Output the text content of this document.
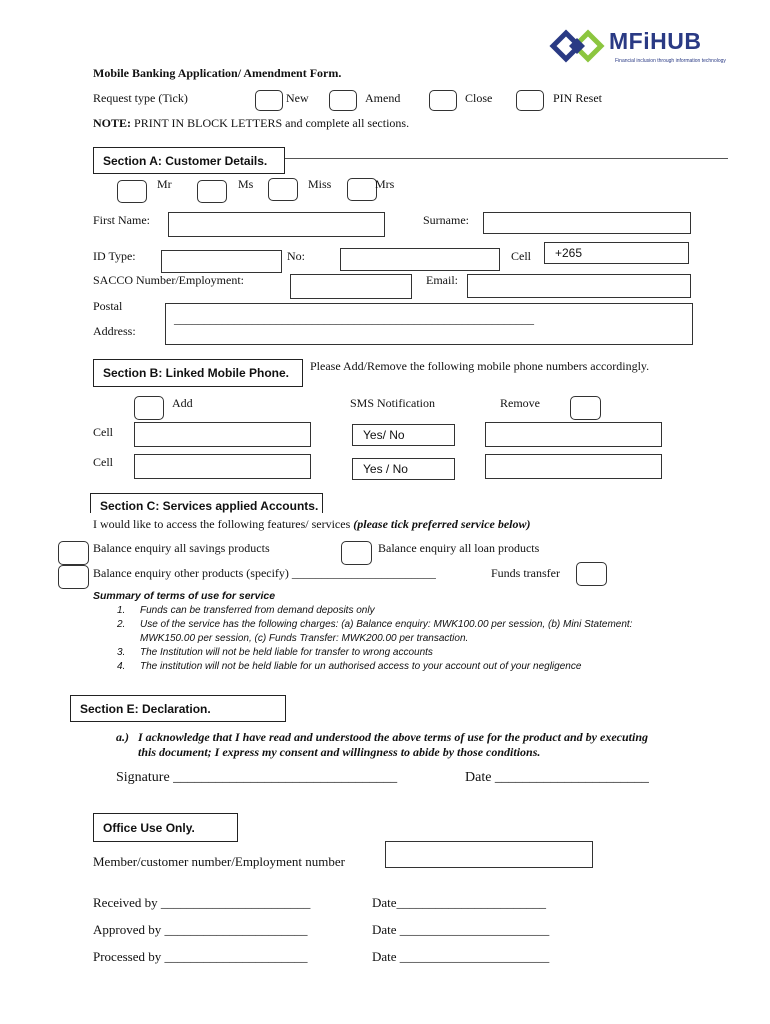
MFiHUB
Financial inclusion through information technology
Mobile Banking Application/ Amendment Form.
Request type (Tick)	New	Amend	Close	PIN Reset
NOTE: PRINT IN BLOCK LETTERS and complete all sections.
Section A: Customer Details.
Mr	Ms	Miss	Mrs
First Name:	Surname:
ID Type:	No:	Cell	+265
SACCO Number/Employment:	Email:
Postal
Address:
____________________________________________________________
Section B: Linked Mobile Phone.	Please Add/Remove the following mobile phone numbers accordingly.
Add	SMS Notification	Remove
Cell	Yes/ No
Cell	Yes / No
Section C: Services applied Accounts.
I would like to access the following features/ services (please tick preferred service below)
Balance enquiry all savings products	Balance enquiry all loan products
Balance enquiry other products (specify) ________________________	Funds transfer
Summary of terms of use for service
1. Funds can be transferred from demand deposits only
2. Use of the service has the following charges: (a) Balance enquiry: MWK100.00 per session, (b) Mini Statement:
MWK150.00 per session, (c) Funds Transfer: MWK200.00 per transaction.
3. The Institution will not be held liable for transfer to wrong accounts
4. The institution will not be held liable for un authorised access to your account out of your negligence
Section E: Declaration.
a.) I acknowledge that I have read and understood the above terms of use for the product and by executing
this document; I express my consent and willingness to abide by those conditions.
Signature ________________________________	Date ______________________
Office Use Only.
Member/customer number/Employment number
Received by _______________________	Date_______________________
Approved by ______________________	Date _______________________
Processed by ______________________	Date _______________________
